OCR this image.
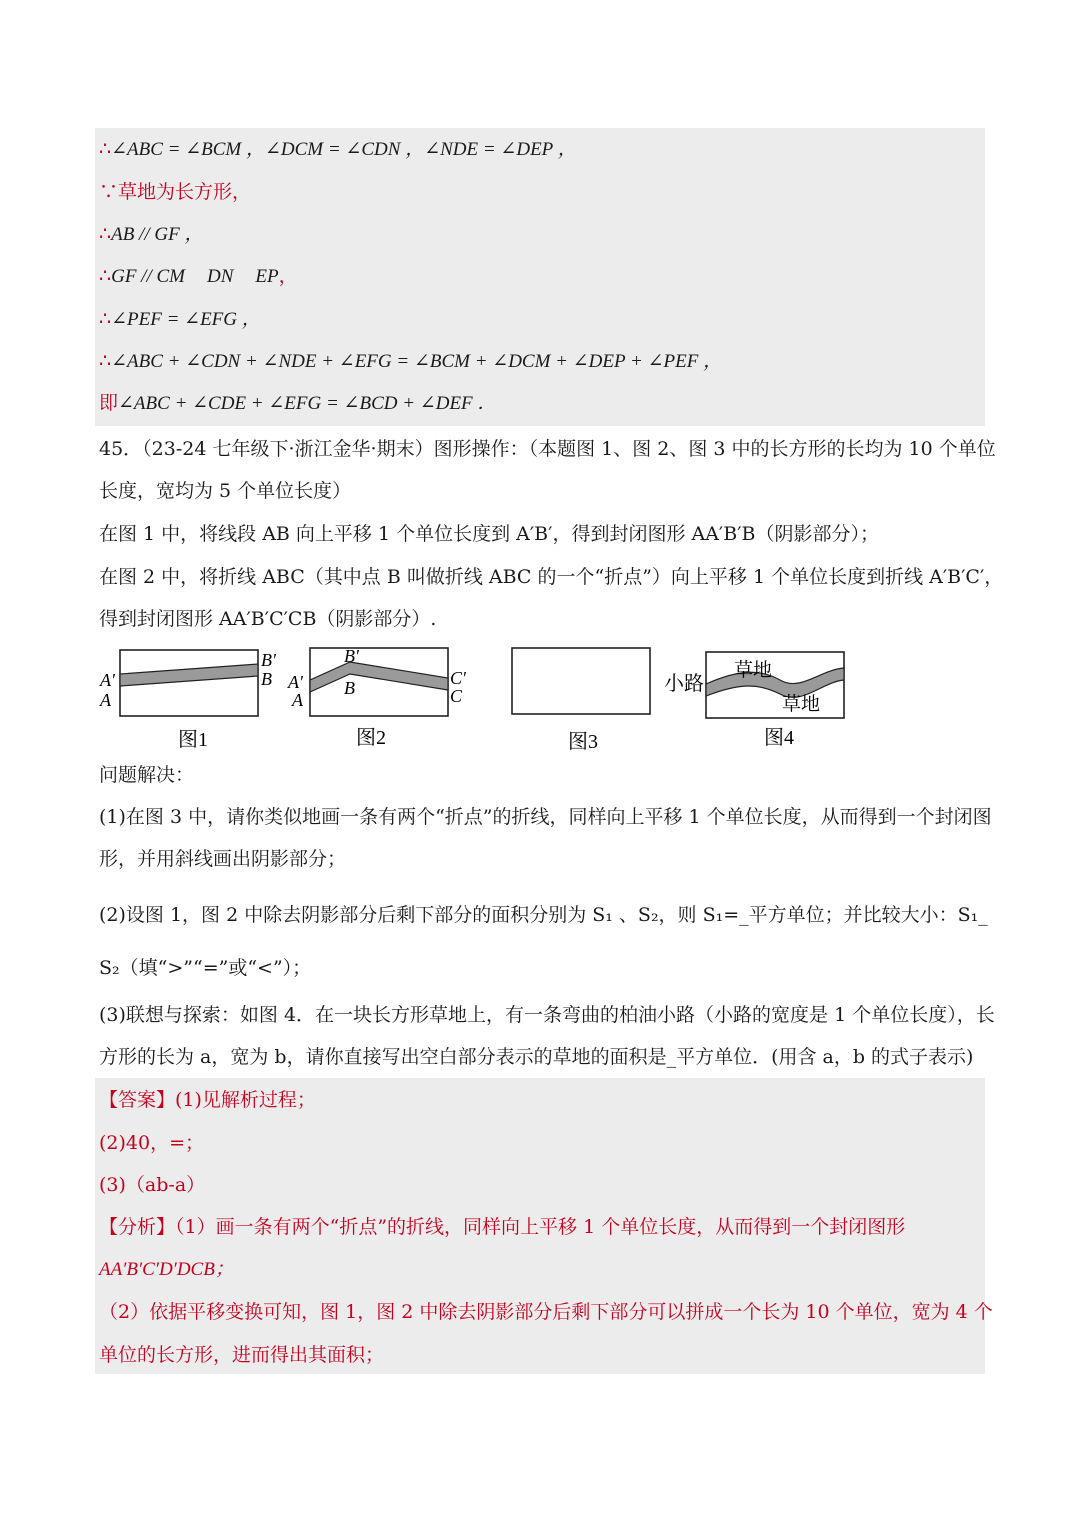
∴∠ABC = ∠BCM ，∠DCM = ∠CDN ，∠NDE = ∠DEP ，
∵草地为长方形，
∴AB // GF ，
∴GF // CM DN EP，
∴∠PEF = ∠EFG ，
∴∠ABC + ∠CDN + ∠NDE + ∠EFG = ∠BCM + ∠DCM + ∠DEP + ∠PEF ，
即∠ABC + ∠CDE + ∠EFG = ∠BCD + ∠DEF ．
45．（23-24 七年级下·浙江金华·期末）图形操作：（本题图 1、图 2、图 3 中的长方形的长均为 10 个单位
长度，宽均为 5 个单位长度）
在图 1 中，将线段 AB 向上平移 1 个单位长度到 A′B′，得到封闭图形 AA′B′B（阴影部分）；
在图 2 中，将折线 ABC（其中点 B 叫做折线 ABC 的一个“折点”）向上平移 1 个单位长度到折线 A′B′C′，
得到封闭图形 AA′B′C′CB（阴影部分）.
A′
A
B′
B
图1
A′
A
B′
B	C′
C
图2	图3
小路
草地
草地
图4
问题解决：
(1)在图 3 中，请你类似地画一条有两个“折点”的折线，同样向上平移 1 个单位长度，从而得到一个封闭图
形，并用斜线画出阴影部分；
(2)设图 1，图 2 中除去阴影部分后剩下部分的面积分别为 S₁ 、S₂，则 S₁=_平方单位；并比较大小：S₁_
S₂（填“>”“=”或“<”）；
(3)联想与探索：如图 4．在一块长方形草地上，有一条弯曲的柏油小路（小路的宽度是 1 个单位长度），长
方形的长为 a，宽为 b，请你直接写出空白部分表示的草地的面积是_平方单位．(用含 a，b 的式子表示)
【答案】(1)见解析过程；
(2)40，=；
(3)（ab-a）
【分析】（1）画一条有两个“折点”的折线，同样向上平移 1 个单位长度，从而得到一个封闭图形
AA′B′C′D′DCB；
（2）依据平移变换可知，图 1，图 2 中除去阴影部分后剩下部分可以拼成一个长为 10 个单位，宽为 4 个
单位的长方形，进而得出其面积；
